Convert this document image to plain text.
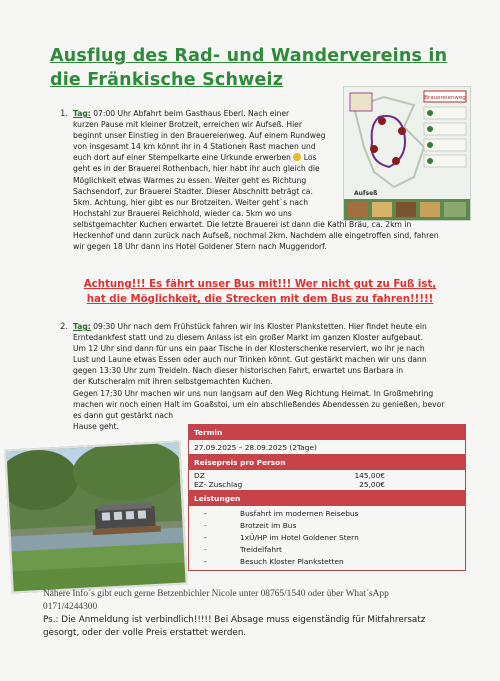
Ausflug des Rad- und Wandervereins in
die Fränkische Schweiz
Brauereienweg
Aufseß
1. Tag: 07:00 Uhr Abfahrt beim Gasthaus Eberl. Nach einer
kurzen Pause mit kleiner Brotzeit, erreichen wir Aufseß. Hier
beginnt unser Einstieg in den Brauereienweg. Auf einem Rundweg
von insgesamt 14 km könnt ihr in 4 Stationen Rast machen und
euch dort auf einer Stempelkarte eine Urkunde erwerben  Los
geht es in der Brauerei Rothenbach, hier habt ihr auch gleich die
Möglichkeit etwas Warmes zu essen. Weiter geht es Richtung
Sachsendorf, zur Brauerei Stadter. Dieser Abschnitt beträgt ca.
5km. Achtung, hier gibt es nur Brotzeiten. Weiter geht`s nach
Hochstahl zur Brauerei Reichhold, wieder ca. 5km wo uns
selbstgemachter Kuchen erwartet. Die letzte Brauerei ist dann die Kathi Bräu, ca. 2km in
Heckenhof und dann zurück nach Aufseß, nochmal 2km. Nachdem alle eingetroffen sind, fahren
wir gegen 18 Uhr dann ins Hotel Goldener Stern nach Muggendorf.
Achtung!!! Es fährt unser Bus mit!!! Wer nicht gut zu Fuß ist,
hat die Möglichkeit, die Strecken mit dem Bus zu fahren!!!!!
2. Tag: 09:30 Uhr nach dem Frühstück fahren wir ins Kloster Plankstetten. Hier findet heute ein
Erntedankfest statt und zu diesem Anlass ist ein großer Markt im ganzen Kloster aufgebaut.
Um 12 Uhr sind dann für uns ein paar Tische in der Klosterschenke reserviert, wo ihr je nach
Lust und Laune etwas Essen oder auch nur Trinken könnt. Gut gestärkt machen wir uns dann
gegen 13:30 Uhr zum Treideln. Nach dieser historischen Fahrt, erwartet uns Barbara in
der Kutscheralm mit ihren selbstgemachten Kuchen.
Gegen 17;30 Uhr machen wir uns nun langsam auf den Weg Richtung Heimat. In Großmehring
machen wir noch einen Halt im Goaßstoi, um ein abschließendes Abendessen zu genießen, bevor
es dann gut gestärkt nach
Hause geht.
Termin
27.09.2025 – 28.09.2025 (2Tage)
Reisepreis pro Person

DZ	145,00€
EZ- Zuschlag	25,00€

Leistungen

-	Busfahrt im modernen Reisebus
-	Brotzeit im Bus
-	1xÜ/HP im Hotel Goldener Stern
-	Treidelfahrt
-	Besuch Kloster Plankstetten
Nähere Info´s gibt euch gerne Betzenbichler Nicole unter 08765/1540 oder über What´sApp
0171/4244300
Ps.: Die Anmeldung ist verbindlich!!!!! Bei Absage muss eigenständig für Mitfahrersatz
gesorgt, oder der volle Preis erstattet werden.
